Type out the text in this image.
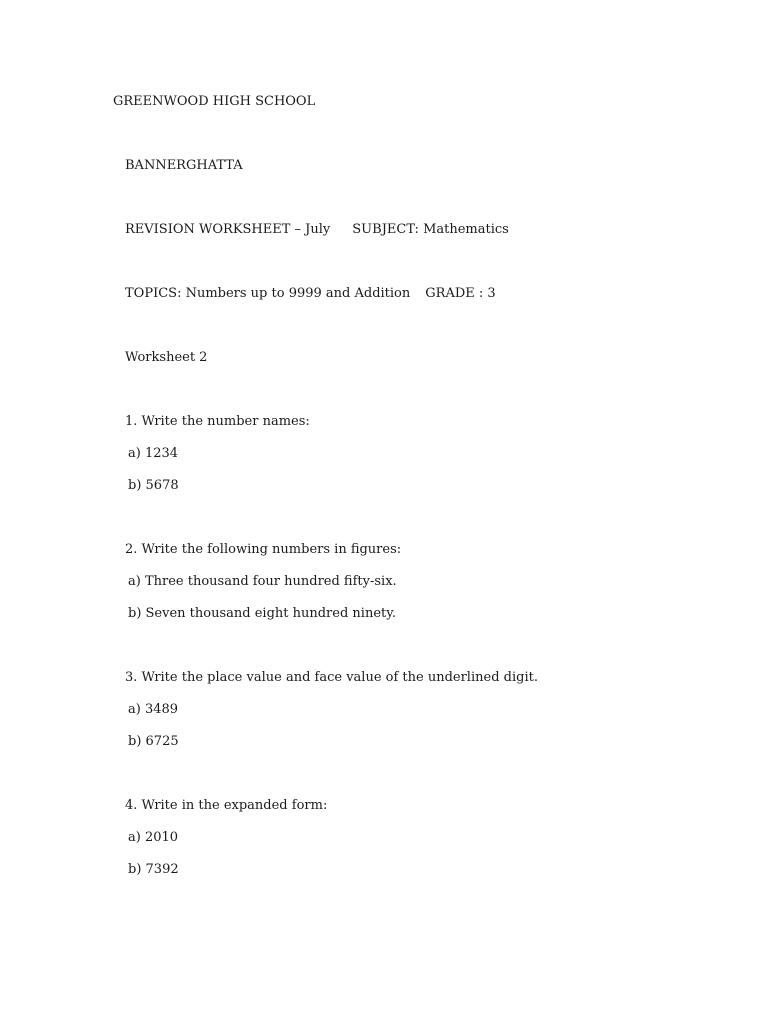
GREENWOOD HIGH SCHOOL
BANNERGHATTA
REVISION WORKSHEET – July SUBJECT: Mathematics
TOPICS: Numbers up to 9999 and Addition GRADE : 3
Worksheet 2
1. Write the number names:
a) 1234
b) 5678
2. Write the following numbers in figures:
a) Three thousand four hundred fifty-six.
b) Seven thousand eight hundred ninety.
3. Write the place value and face value of the underlined digit.
a) 3489
b) 6725
4. Write in the expanded form:
a) 2010
b) 7392
